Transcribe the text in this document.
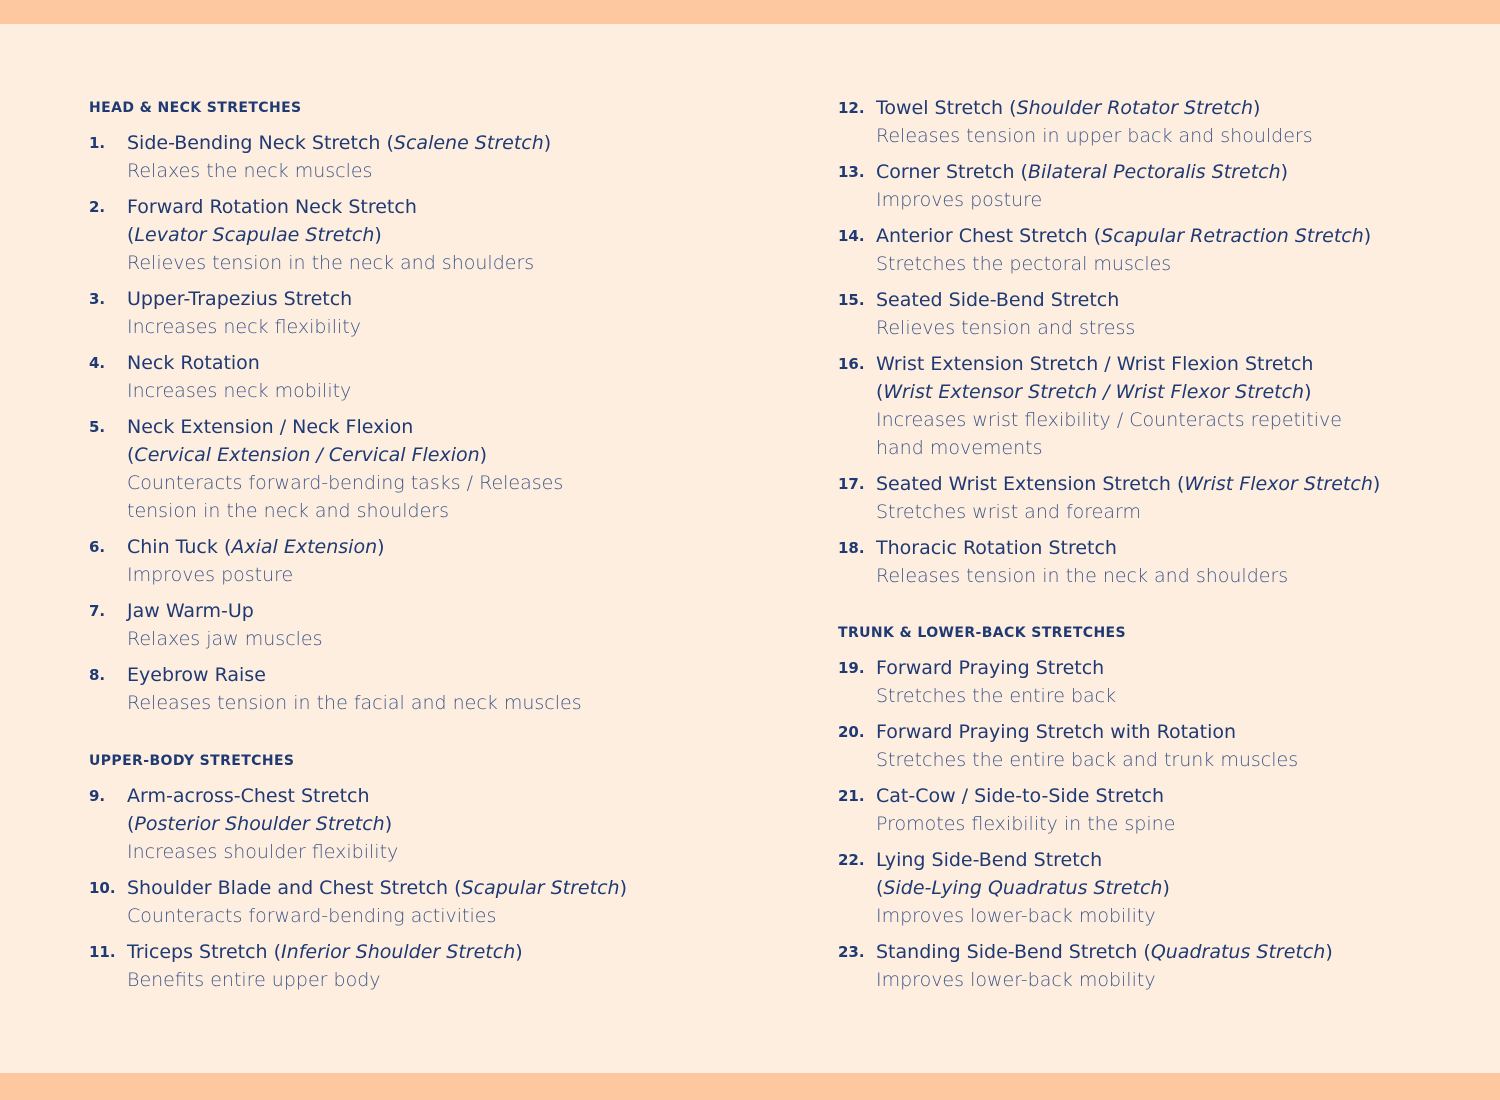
HEAD & NECK STRETCHES
1. Side-Bending Neck Stretch (Scalene Stretch)
Relaxes the neck muscles
2. Forward Rotation Neck Stretch
(Levator Scapulae Stretch)
Relieves tension in the neck and shoulders
3. Upper-Trapezius Stretch
Increases neck flexibility
4. Neck Rotation
Increases neck mobility
5. Neck Extension / Neck Flexion
(Cervical Extension / Cervical Flexion)
Counteracts forward-bending tasks / Releases
tension in the neck and shoulders
6. Chin Tuck (Axial Extension)
Improves posture
7. Jaw Warm-Up
Relaxes jaw muscles
8. Eyebrow Raise
Releases tension in the facial and neck muscles
UPPER-BODY STRETCHES
9. Arm-across-Chest Stretch
(Posterior Shoulder Stretch)
Increases shoulder flexibility
10. Shoulder Blade and Chest Stretch (Scapular Stretch)
Counteracts forward-bending activities
11. Triceps Stretch (Inferior Shoulder Stretch)
Benefits entire upper body
12. Towel Stretch (Shoulder Rotator Stretch)
Releases tension in upper back and shoulders
13. Corner Stretch (Bilateral Pectoralis Stretch)
Improves posture
14. Anterior Chest Stretch (Scapular Retraction Stretch)
Stretches the pectoral muscles
15. Seated Side-Bend Stretch
Relieves tension and stress
16. Wrist Extension Stretch / Wrist Flexion Stretch
(Wrist Extensor Stretch / Wrist Flexor Stretch)
Increases wrist flexibility / Counteracts repetitive
hand movements
17. Seated Wrist Extension Stretch (Wrist Flexor Stretch)
Stretches wrist and forearm
18. Thoracic Rotation Stretch
Releases tension in the neck and shoulders
TRUNK & LOWER-BACK STRETCHES
19. Forward Praying Stretch
Stretches the entire back
20. Forward Praying Stretch with Rotation
Stretches the entire back and trunk muscles
21. Cat-Cow / Side-to-Side Stretch
Promotes flexibility in the spine
22. Lying Side-Bend Stretch
(Side-Lying Quadratus Stretch)
Improves lower-back mobility
23. Standing Side-Bend Stretch (Quadratus Stretch)
Improves lower-back mobility
